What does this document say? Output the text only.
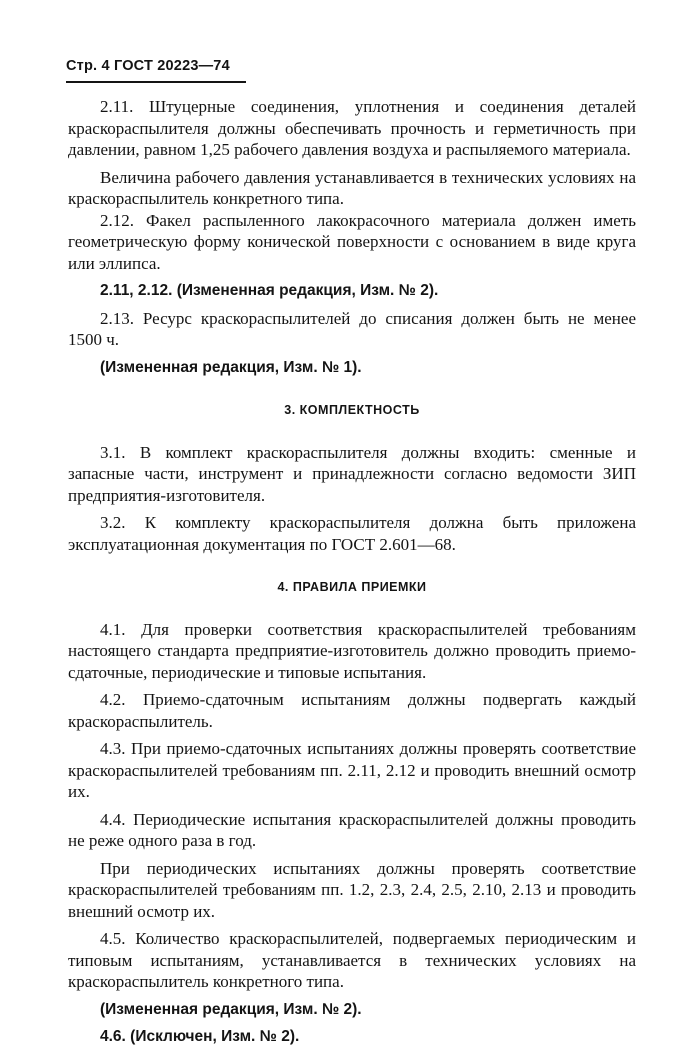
Стр. 4 ГОСТ 20223—74

2.11. Штуцерные соединения, уплотнения и соединения деталей краскораспылителя должны обеспечивать прочность и герметичность при давлении, равном 1,25 рабочего давления воздуха и распыляемого материала.

Величина рабочего давления устанавливается в технических условиях на краскораспылитель конкретного типа.

2.12. Факел распыленного лакокрасочного материала должен иметь геометрическую форму конической поверхности с основанием в виде круга или эллипса.

2.11, 2.12. (Измененная редакция, Изм. № 2).

2.13. Ресурс краскораспылителей до списания должен быть не менее 1500 ч.

(Измененная редакция, Изм. № 1).

3. КОМПЛЕКТНОСТЬ

3.1. В комплект краскораспылителя должны входить: сменные и запасные части, инструмент и принадлежности согласно ведомости ЗИП предприятия-изготовителя.

3.2. К комплекту краскораспылителя должна быть приложена эксплуатационная документация по ГОСТ 2.601—68.

4. ПРАВИЛА ПРИЕМКИ

4.1. Для проверки соответствия краскораспылителей требованиям настоящего стандарта предприятие-изготовитель должно проводить приемо-сдаточные, периодические и типовые испытания.

4.2. Приемо-сдаточным испытаниям должны подвергать каждый краскораспылитель.

4.3. При приемо-сдаточных испытаниях должны проверять соответствие краскораспылителей требованиям пп. 2.11, 2.12 и проводить внешний осмотр их.

4.4. Периодические испытания краскораспылителей должны проводить не реже одного раза в год.

При периодических испытаниях должны проверять соответствие краскораспылителей требованиям пп. 1.2, 2.3, 2.4, 2.5, 2.10, 2.13 и проводить внешний осмотр их.

4.5. Количество краскораспылителей, подвергаемых периодическим и типовым испытаниям, устанавливается в технических условиях на краскораспылитель конкретного типа.

(Измененная редакция, Изм. № 2).

4.6. (Исключен, Изм. № 2).
